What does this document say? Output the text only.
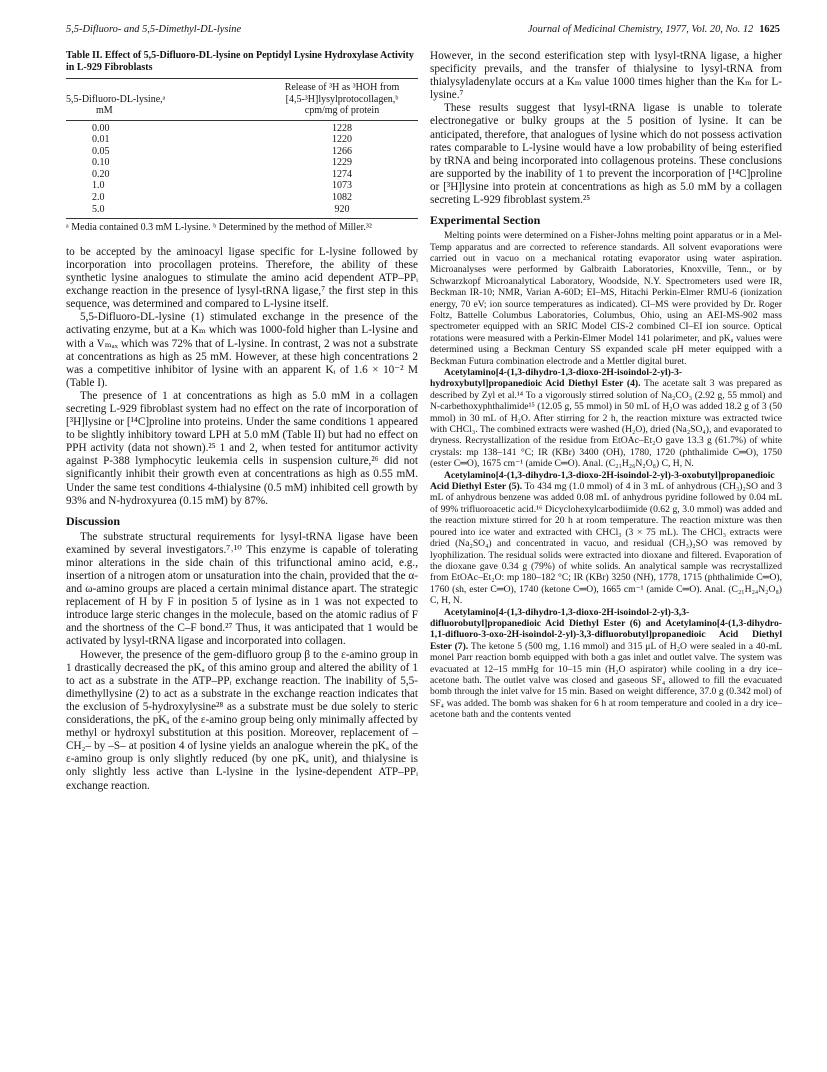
5,5-Difluoro- and 5,5-Dimethyl-DL-lysine	Journal of Medicinal Chemistry, 1977, Vol. 20, No. 12 1625
Table II. Effect of 5,5-Difluoro-DL-lysine on Peptidyl Lysine Hydroxylase Activity in L-929 Fibroblasts
	Release of ³H as ³HOH from
5,5-Difluoro-DL-lysine,ᵃ	[4,5-³H]lysylprotocollagen,ᵇ
mM	cpm/mg of protein
0.00	1228
0.01	1220
0.05	1266
0.10	1229
0.20	1274
1.0	1073
2.0	1082
5.0	920
ᵃ Media contained 0.3 mM L-lysine. ᵇ Determined by the method of Miller.³²

to be accepted by the aminoacyl ligase specific for L-lysine followed by incorporation into procollagen proteins. Therefore, the ability of these synthetic lysine analogues to stimulate the amino acid dependent ATP–PPᵢ exchange reaction in the presence of lysyl-tRNA ligase,⁷ the first step in this sequence, was determined and compared to L-lysine itself.

5,5-Difluoro-DL-lysine (1) stimulated exchange in the presence of the activating enzyme, but at a Kₘ which was 1000-fold higher than L-lysine and with a Vₘₐₓ which was 72% that of L-lysine. In contrast, 2 was not a substrate at concentrations as high as 25 mM. However, at these high concentrations 2 was a competitive inhibitor of lysine with an apparent Kᵢ of 1.6 × 10⁻² M (Table I).

The presence of 1 at concentrations as high as 5.0 mM in a collagen secreting L-929 fibroblast system had no effect on the rate of incorporation of [³H]lysine or [¹⁴C]proline into proteins. Under the same conditions 1 appeared to be slightly inhibitory toward LPH at 5.0 mM (Table II) but had no effect on PPH activity (data not shown).²⁵ 1 and 2, when tested for antitumor activity against P-388 lymphocytic leukemia cells in suspension culture,²⁶ did not significantly inhibit their growth even at concentrations as high as 0.55 mM. Under the same test conditions 4-thialysine (0.5 mM) inhibited cell growth by 93% and N-hydroxyurea (0.15 mM) by 87%.

Discussion

The substrate structural requirements for lysyl-tRNA ligase have been examined by several investigators.⁷˒¹⁰ This enzyme is capable of tolerating minor alterations in the side chain of this trifunctional amino acid, e.g., insertion of a nitrogen atom or unsaturation into the chain, provided that the α- and ω-amino groups are placed a certain minimal distance apart. The strategic replacement of H by F in position 5 of lysine as in 1 was not expected to introduce large steric changes in the molecule, based on the atomic radius of F and the shortness of the C–F bond.²⁷ Thus, it was anticipated that 1 would be activated by lysyl-tRNA ligase and incorporated into collagen.

However, the presence of the gem-difluoro group β to the ε-amino group in 1 drastically decreased the pKₐ of this amino group and altered the ability of 1 to act as a substrate in the ATP–PPᵢ exchange reaction. The inability of 5,5-dimethyllysine (2) to act as a substrate in the exchange reaction indicates that the exclusion of 5-hydroxylysine²⁸ as a substrate must be due solely to steric considerations, the pKₐ of the ε-amino group being only minimally affected by methyl or hydroxyl substitution at this position. Moreover, replacement of –CH₂– by –S– at position 4 of lysine yields an analogue wherein the pKₐ of the ε-amino group is only slightly reduced (by one pKₐ unit), and thialysine is only slightly less active than L-lysine in the lysine-dependent ATP–PPᵢ exchange reaction.

However, in the second esterification step with lysyl-tRNA ligase, a higher specificity prevails, and the transfer of thialysine to lysyl-tRNA from thialysyladenylate occurs at a Kₘ value 1000 times higher than the Kₘ for L-lysine.⁷

These results suggest that lysyl-tRNA ligase is unable to tolerate electronegative or bulky groups at the 5 position of lysine. It can be anticipated, therefore, that analogues of lysine which do not possess activation rates comparable to L-lysine would have a low probability of being esterified by tRNA and being incorporated into collagenous proteins. These conclusions are supported by the inability of 1 to prevent the incorporation of [¹⁴C]proline or [³H]lysine into protein at concentrations as high as 5.0 mM by a collagen secreting L-929 fibroblast system.²⁵

Experimental Section

Melting points were determined on a Fisher-Johns melting point apparatus or in a Mel-Temp apparatus and are corrected to reference standards. All solvent evaporations were carried out in vacuo on a mechanical rotating evaporator using water aspiration. Microanalyses were performed by Galbraith Laboratories, Knoxville, Tenn., or by Schwarzkopf Microanalytical Laboratory, Woodside, N.Y. Spectrometers used were IR, Beckman IR-10; NMR, Varian A-60D; EI–MS, Hitachi Perkin-Elmer RMU-6 (ionization energy, 70 eV; ion source temperatures as indicated). CI–MS were provided by Dr. Roger Foltz, Battelle Columbus Laboratories, Columbus, Ohio, using an AEI-MS-902 mass spectrometer equipped with an SRIC Model CIS-2 combined CI–EI ion source. Optical rotations were measured with a Perkin-Elmer Model 141 polarimeter, and pKₐ values were determined using a Beckman Century SS expanded scale pH meter equipped with a Beckman Futura combination electrode and a Mettler digital buret.

Acetylamino[4-(1,3-dihydro-1,3-dioxo-2H-isoindol-2-yl)-3-hydroxybutyl]propanedioic Acid Diethyl Ester (4). The acetate salt 3 was prepared as described by Zyl et al.¹⁴ To a vigorously stirred solution of Na₂CO₃ (2.92 g, 55 mmol) and N-carbethoxyphthalimide¹⁵ (12.05 g, 55 mmol) in 50 mL of H₂O was added 18.2 g of 3 (50 mmol) in 30 mL of H₂O. After stirring for 2 h, the reaction mixture was extracted twice with CHCl₃. The combined extracts were washed (H₂O), dried (Na₂SO₄), and evaporated to dryness. Recrystallization of the residue from EtOAc–Et₂O gave 13.3 g (61.7%) of white crystals: mp 138–141 °C; IR (KBr) 3400 (OH), 1780, 1720 (phthalimide C═O), 1750 (ester C═O), 1675 cm⁻¹ (amide C═O). Anal. (C₂₁H₂₆N₂O₈) C, H, N.

Acetylamino[4-(1,3-dihydro-1,3-dioxo-2H-isoindol-2-yl)-3-oxobutyl]propanedioic Acid Diethyl Ester (5). To 434 mg (1.0 mmol) of 4 in 3 mL of anhydrous (CH₃)₂SO and 3 mL of anhydrous benzene was added 0.08 mL of anhydrous pyridine followed by 0.04 mL of 99% trifluoroacetic acid.¹⁶ Dicyclohexylcarbodiimide (0.62 g, 3.0 mmol) was added and the reaction mixture stirred for 20 h at room temperature. The reaction mixture was then poured into ice water and extracted with CHCl₃ (3 × 75 mL). The CHCl₃ extracts were dried (Na₂SO₄) and concentrated in vacuo, and residual (CH₃)₂SO was removed by lyophilization. The residual solids were extracted into dioxane and filtered. Evaporation of the dioxane gave 0.34 g (79%) of white solids. An analytical sample was recrystallized from EtOAc–Et₂O: mp 180–182 °C; IR (KBr) 3250 (NH), 1778, 1715 (phthalimide C═O), 1760 (sh, ester C═O), 1740 (ketone C═O), 1665 cm⁻¹ (amide C═O). Anal. (C₂₁H₂₄N₂O₈) C, H, N.

Acetylamino[4-(1,3-dihydro-1,3-dioxo-2H-isoindol-2-yl)-3,3-difluorobutyl]propanedioic Acid Diethyl Ester (6) and Acetylamino[4-(1,3-dihydro-1,1-difluoro-3-oxo-2H-isoindol-2-yl)-3,3-difluorobutyl]propanedioic Acid Diethyl Ester (7). The ketone 5 (500 mg, 1.16 mmol) and 315 μL of H₂O were sealed in a 40-mL monel Parr reaction bomb equipped with both a gas inlet and outlet valve. The system was evacuated at 12–15 mmHg for 10–15 min (H₂O aspirator) while cooling in a dry ice–acetone bath. The outlet valve was closed and gaseous SF₄ allowed to fill the evacuated bomb through the inlet valve for 15 min. Based on weight difference, 37.0 g (0.342 mol) of SF₄ was added. The bomb was shaken for 6 h at room temperature and cooled in a dry ice–acetone bath and the contents vented
